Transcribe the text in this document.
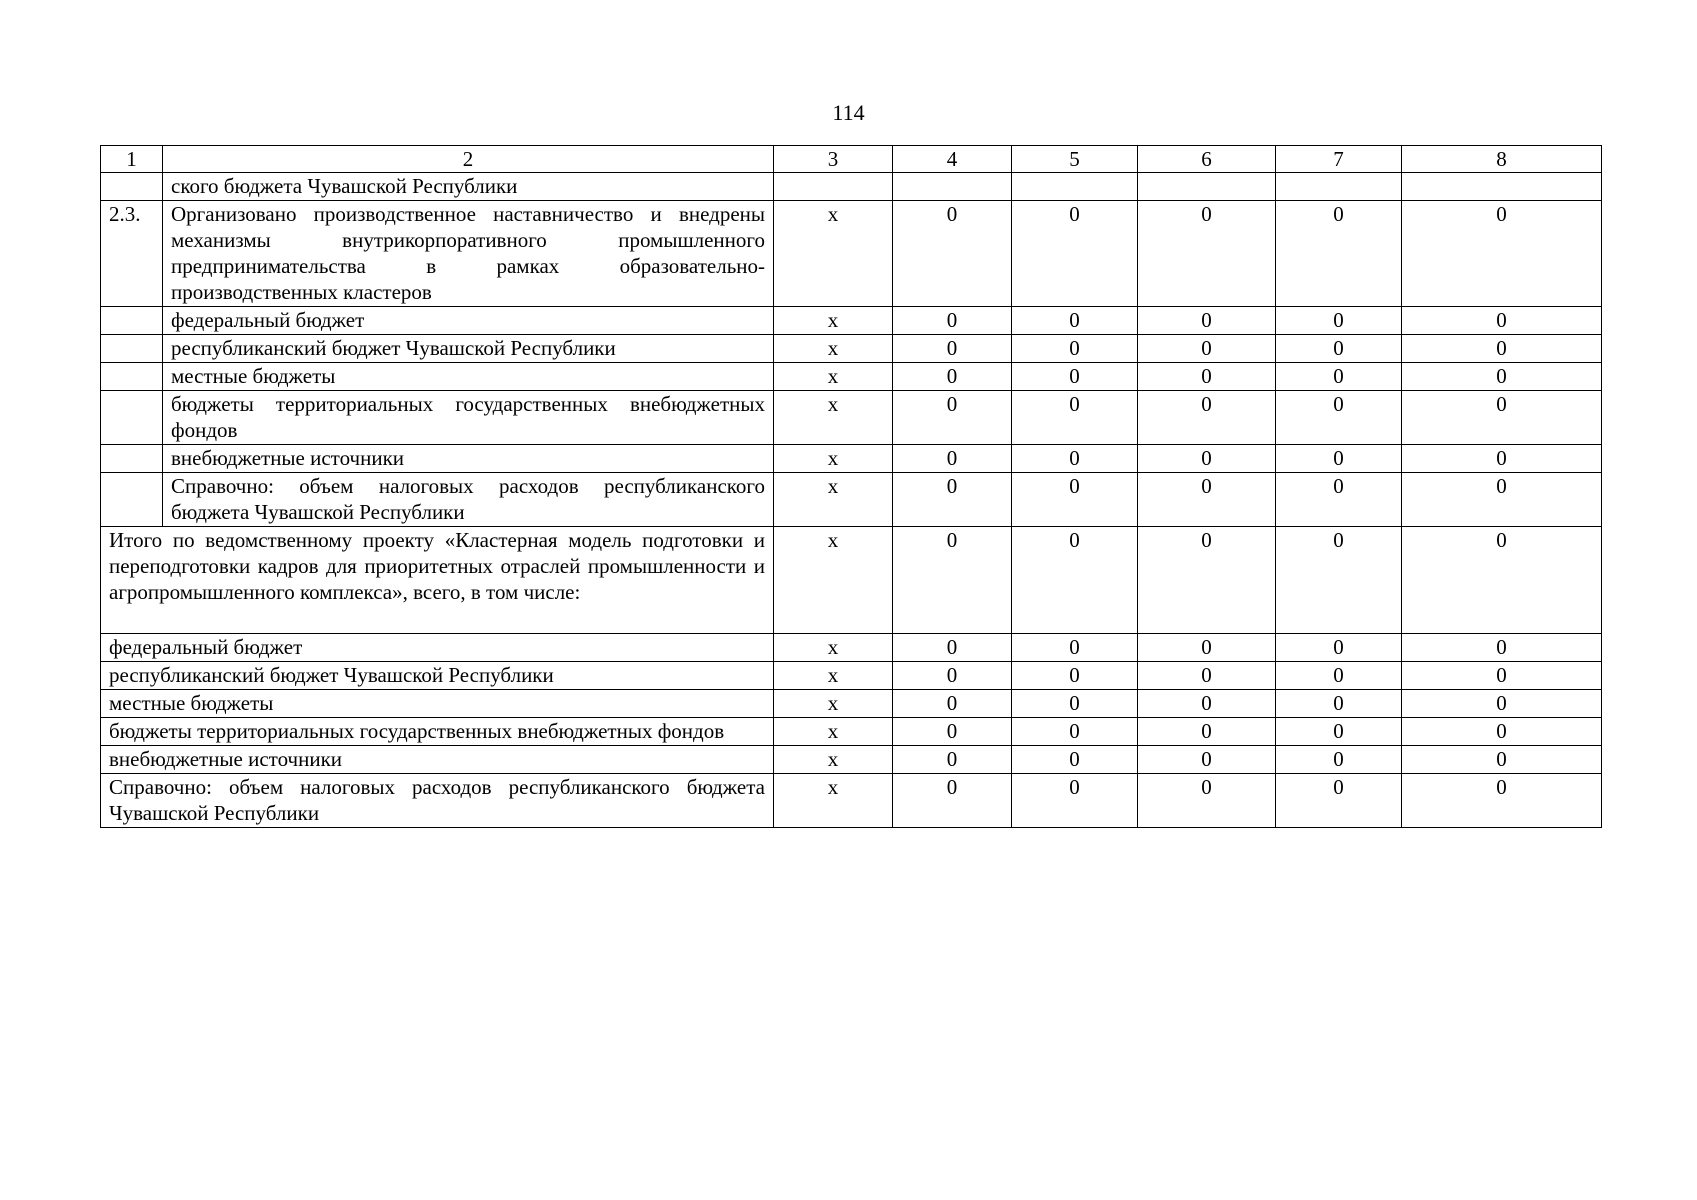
114
1	2	3	4	5	6	7	8
	ского бюджета Чувашской Республики						
2.3.	Организовано производственное наставничество и внедрены механизмы внутрикорпоративного промышленного предпринимательства в рамках образовательно-производственных кластеров	x	0	0	0	0	0
	федеральный бюджет	x	0	0	0	0	0
	республиканский бюджет Чувашской Республики	x	0	0	0	0	0
	местные бюджеты	x	0	0	0	0	0
	бюджеты территориальных государственных внебюджетных фондов	x	0	0	0	0	0
	внебюджетные источники	x	0	0	0	0	0
	Справочно: объем налоговых расходов республиканского бюджета Чувашской Республики	x	0	0	0	0	0
Итого по ведомственному проекту «Кластерная модель подготовки и переподготовки кадров для приоритетных отраслей промышленности и агропромышленного комплекса», всего, в том числе:		x	0	0	0	0	0
федеральный бюджет		x	0	0	0	0	0
республиканский бюджет Чувашской Республики		x	0	0	0	0	0
местные бюджеты		x	0	0	0	0	0
бюджеты территориальных государственных внебюджетных фондов		x	0	0	0	0	0
внебюджетные источники		x	0	0	0	0	0
Справочно: объем налоговых расходов республиканского бюджета Чувашской Республики		x	0	0	0	0	0
